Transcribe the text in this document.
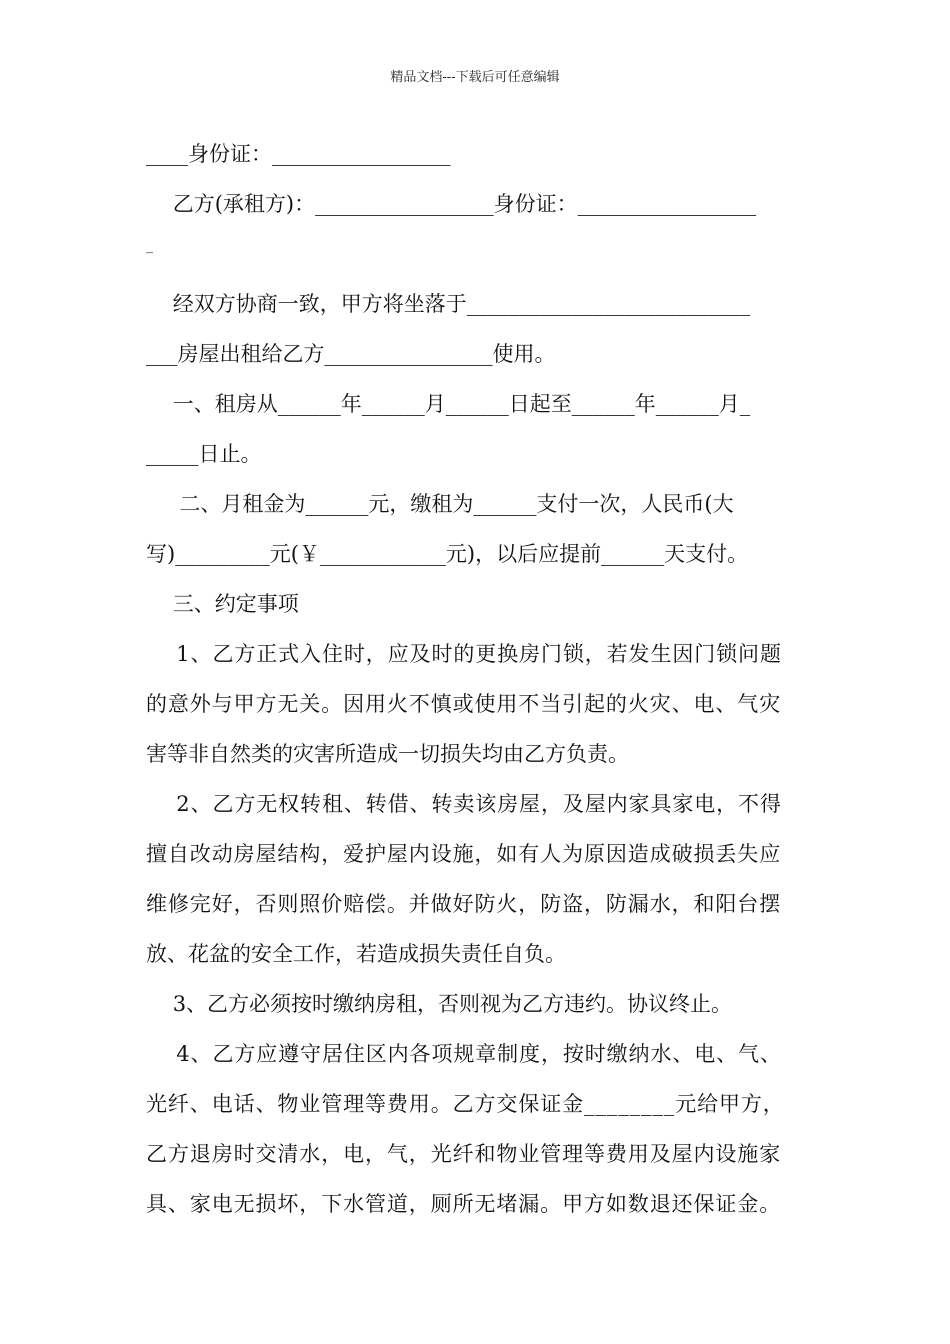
精品文档---下载后可任意编辑
____身份证：_________________
乙方(承租方)：_________________身份证：_________________
_
经双方协商一致，甲方将坐落于___________________________
___房屋出租给乙方________________使用。
一、租房从______年______月______日起至______年______月_
_____日止。
二、月租金为______元，缴租为______支付一次，人民币(大
写)_________元(￥____________元)，以后应提前______天支付。
三、约定事项
1、乙方正式入住时，应及时的更换房门锁，若发生因门锁问题
的意外与甲方无关。因用火不慎或使用不当引起的火灾、电、气灾
害等非自然类的灾害所造成一切损失均由乙方负责。
2、乙方无权转租、转借、转卖该房屋，及屋内家具家电，不得
擅自改动房屋结构，爱护屋内设施，如有人为原因造成破损丢失应
维修完好，否则照价赔偿。并做好防火，防盗，防漏水，和阳台摆
放、花盆的安全工作，若造成损失责任自负。
3、乙方必须按时缴纳房租，否则视为乙方违约。协议终止。
4、乙方应遵守居住区内各项规章制度，按时缴纳水、电、气、
光纤、电话、物业管理等费用。乙方交保证金________元给甲方，
乙方退房时交清水，电，气，光纤和物业管理等费用及屋内设施家
具、家电无损坏，下水管道，厕所无堵漏。甲方如数退还保证金。
